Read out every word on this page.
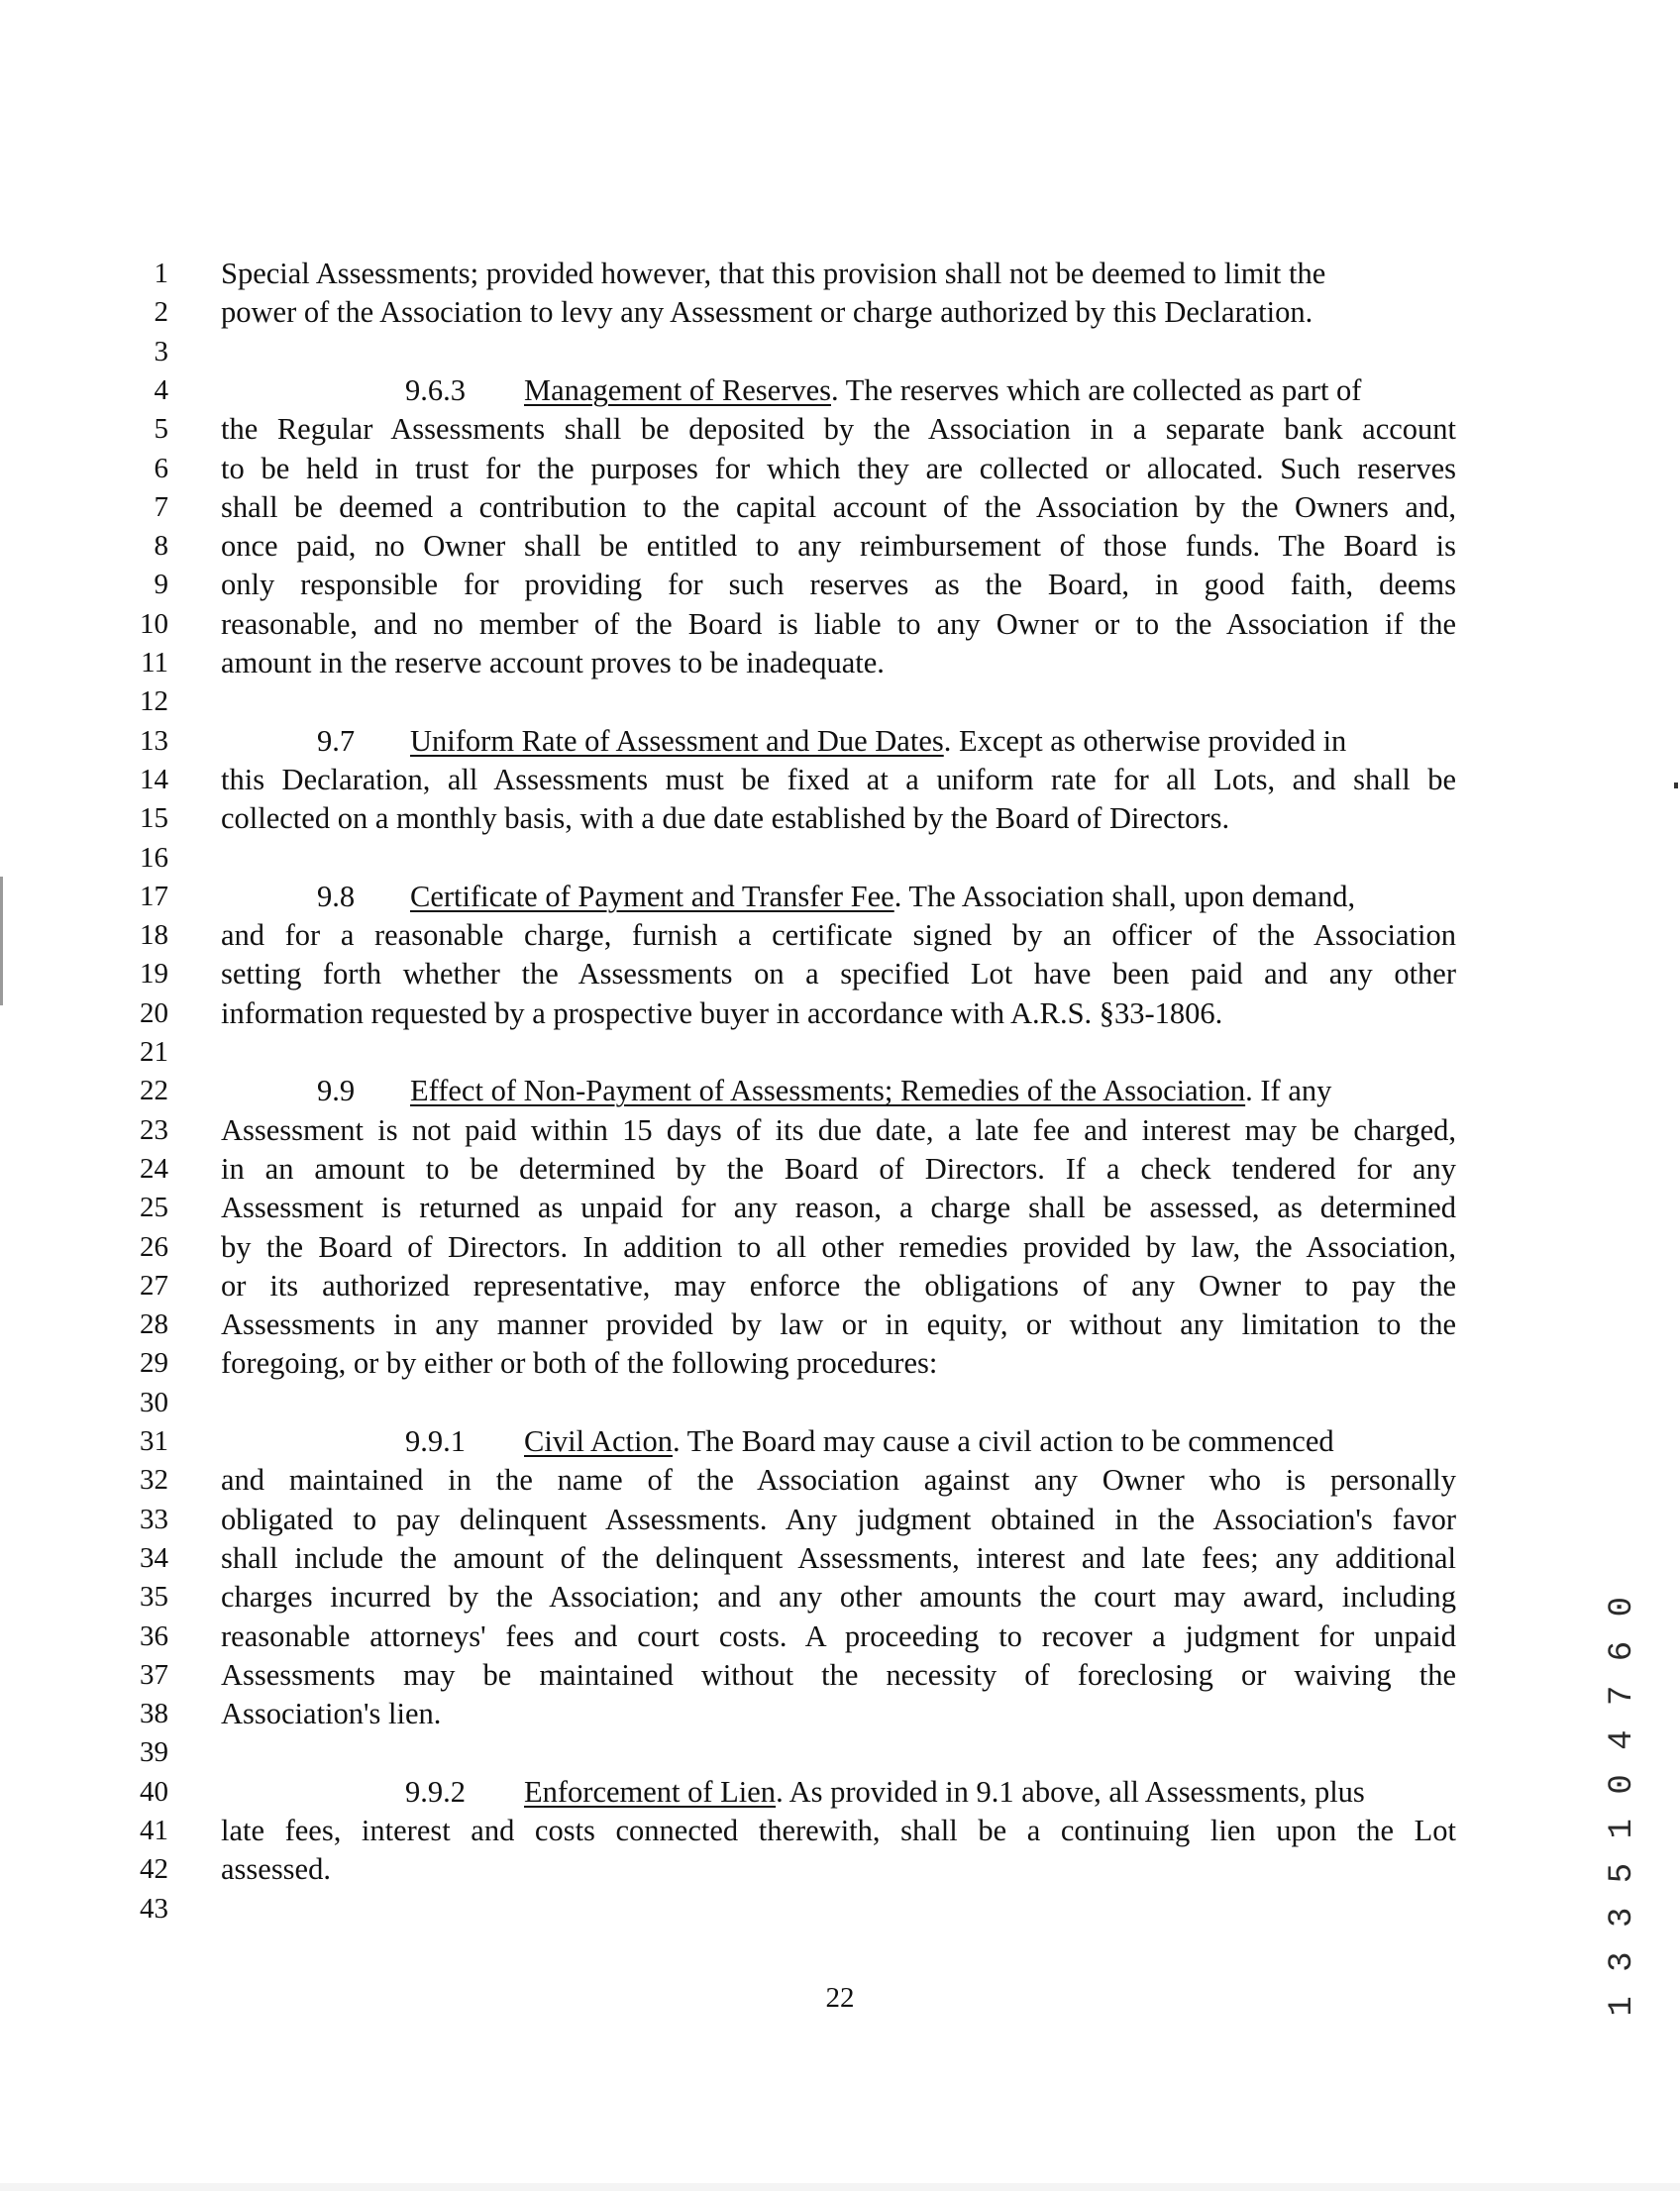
1 Special Assessments; provided however, that this provision shall not be deemed to limit the
2 power of the Association to levy any Assessment or charge authorized by this Declaration.
3
4	9.6.3 Management of Reserves. The reserves which are collected as part of
5 the Regular Assessments shall be deposited by the Association in a separate bank account
6 to be held in trust for the purposes for which they are collected or allocated. Such reserves
7 shall be deemed a contribution to the capital account of the Association by the Owners and,
8 once paid, no Owner shall be entitled to any reimbursement of those funds. The Board is
9 only responsible for providing for such reserves as the Board, in good faith, deems
10 reasonable, and no member of the Board is liable to any Owner or to the Association if the
11 amount in the reserve account proves to be inadequate.
12
13	9.7 Uniform Rate of Assessment and Due Dates. Except as otherwise provided in
14 this Declaration, all Assessments must be fixed at a uniform rate for all Lots, and shall be
15 collected on a monthly basis, with a due date established by the Board of Directors.
16
17	9.8 Certificate of Payment and Transfer Fee. The Association shall, upon demand,
18 and for a reasonable charge, furnish a certificate signed by an officer of the Association
19 setting forth whether the Assessments on a specified Lot have been paid and any other
20 information requested by a prospective buyer in accordance with A.R.S. §33-1806.
21
22	9.9 Effect of Non-Payment of Assessments; Remedies of the Association. If any
23 Assessment is not paid within 15 days of its due date, a late fee and interest may be charged,
24 in an amount to be determined by the Board of Directors. If a check tendered for any
25 Assessment is returned as unpaid for any reason, a charge shall be assessed, as determined
26 by the Board of Directors. In addition to all other remedies provided by law, the Association,
27 or its authorized representative, may enforce the obligations of any Owner to pay the
28 Assessments in any manner provided by law or in equity, or without any limitation to the
29 foregoing, or by either or both of the following procedures:
30
31	9.9.1 Civil Action. The Board may cause a civil action to be commenced
32 and maintained in the name of the Association against any Owner who is personally
33 obligated to pay delinquent Assessments. Any judgment obtained in the Association's favor
34 shall include the amount of the delinquent Assessments, interest and late fees; any additional
35 charges incurred by the Association; and any other amounts the court may award, including
36 reasonable attorneys' fees and court costs. A proceeding to recover a judgment for unpaid
37 Assessments may be maintained without the necessity of foreclosing or waiving the
38 Association's lien.
39
40	9.9.2 Enforcement of Lien. As provided in 9.1 above, all Assessments, plus
41 late fees, interest and costs connected therewith, shall be a continuing lien upon the Lot
42 assessed.
43
22	1 3 3 5 1 0 4 7 6 0
